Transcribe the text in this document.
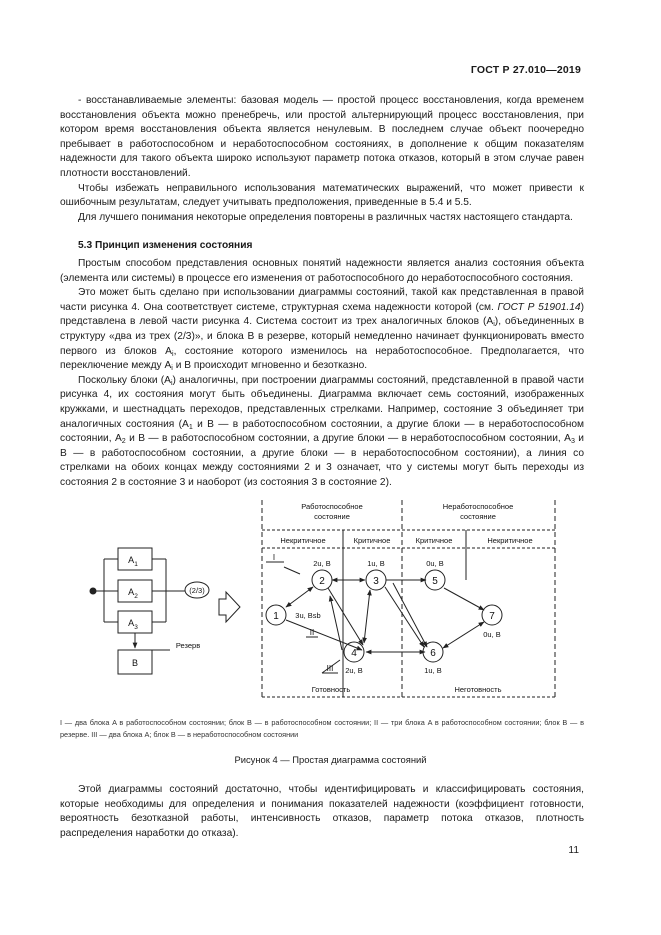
ГОСТ Р 27.010—2019

- восстанавливаемые элементы: базовая модель — простой процесс восстановления, когда временем восстановления объекта можно пренебречь, или простой альтернирующий процесс восстановления, при котором время восстановления объекта является ненулевым. В последнем случае объект поочередно пребывает в работоспособном и неработоспособном состояниях, в дополнение к общим показателям надежности для такого объекта широко используют параметр потока отказов, который в этом случае равен плотности восстановлений.

Чтобы избежать неправильного использования математических выражений, что может привести к ошибочным результатам, следует учитывать предположения, приведенные в 5.4 и 5.5.

Для лучшего понимания некоторые определения повторены в различных частях настоящего стандарта.

5.3 Принцип изменения состояния

Простым способом представления основных понятий надежности является анализ состояния объекта (элемента или системы) в процессе его изменения от работоспособного до неработоспособного состояния.

Это может быть сделано при использовании диаграммы состояний, такой как представленная в правой части рисунка 4. Она соответствует системе, структурная схема надежности которой (см. ГОСТ Р 51901.14) представлена в левой части рисунка 4. Система состоит из трех аналогичных блоков $(A_i)$, объединенных в структуру «два из трех (2/3)», и блока В в резерве, который немедленно начинает функционировать вместо первого из блоков $A_i$, состояние которого изменилось на неработоспособное. Предполагается, что переключение между $A_i$ и B происходит мгновенно и безотказно.

Поскольку блоки $(A_i)$ аналогичны, при построении диаграммы состояний, представленной в правой части рисунка 4, их состояния могут быть объединены. Диаграмма включает семь состояний, изображенных кружками, и шестнадцать переходов, представленных стрелками. Например, состояние 3 объединяет три аналогичных состояния ($A_1$ и B — в работоспособном состоянии, а другие блоки — в неработоспособном состоянии, $A_2$ и B — в работоспособном состоянии, а другие блоки — в неработоспособном состоянии, $A_3$ и B — в работоспособном состоянии, а другие блоки — в неработоспособном состоянии), а линия со стрелками на обоих концах между состояниями 2 и 3 означает, что у системы могут быть переходы из состояния 2 в состояние 3 и наоборот (из состояния 3 в состояние 2).

$A_1$
$A_2$
$A_3$
B
(2/3)
Резерв
Работоспособное
состояние
Неработоспособное
состояние
Некритичное	Критичное	Критичное	Некритичное
Готовность	Неготовность
1
2	3
4
5
6
7
3u, Bsb
2u, B	1u, B
2u, B
0u, B
1u, B
0u, B
I
II
III
I — два блока A в работоспособном состоянии; блок B — в работоспособном состоянии; II — три блока A в работоспособном состоянии; блок B — в резерве. III — два блока A; блок B — в неработоспособном состоянии
Рисунок 4 — Простая диаграмма состояний

Этой диаграммы состояний достаточно, чтобы идентифицировать и классифицировать состояния, которые необходимы для определения и понимания показателей надежности (коэффициент готовности, вероятность безотказной работы, интенсивность отказов, параметр потока отказов, плотность распределения наработки до отказа).

11
